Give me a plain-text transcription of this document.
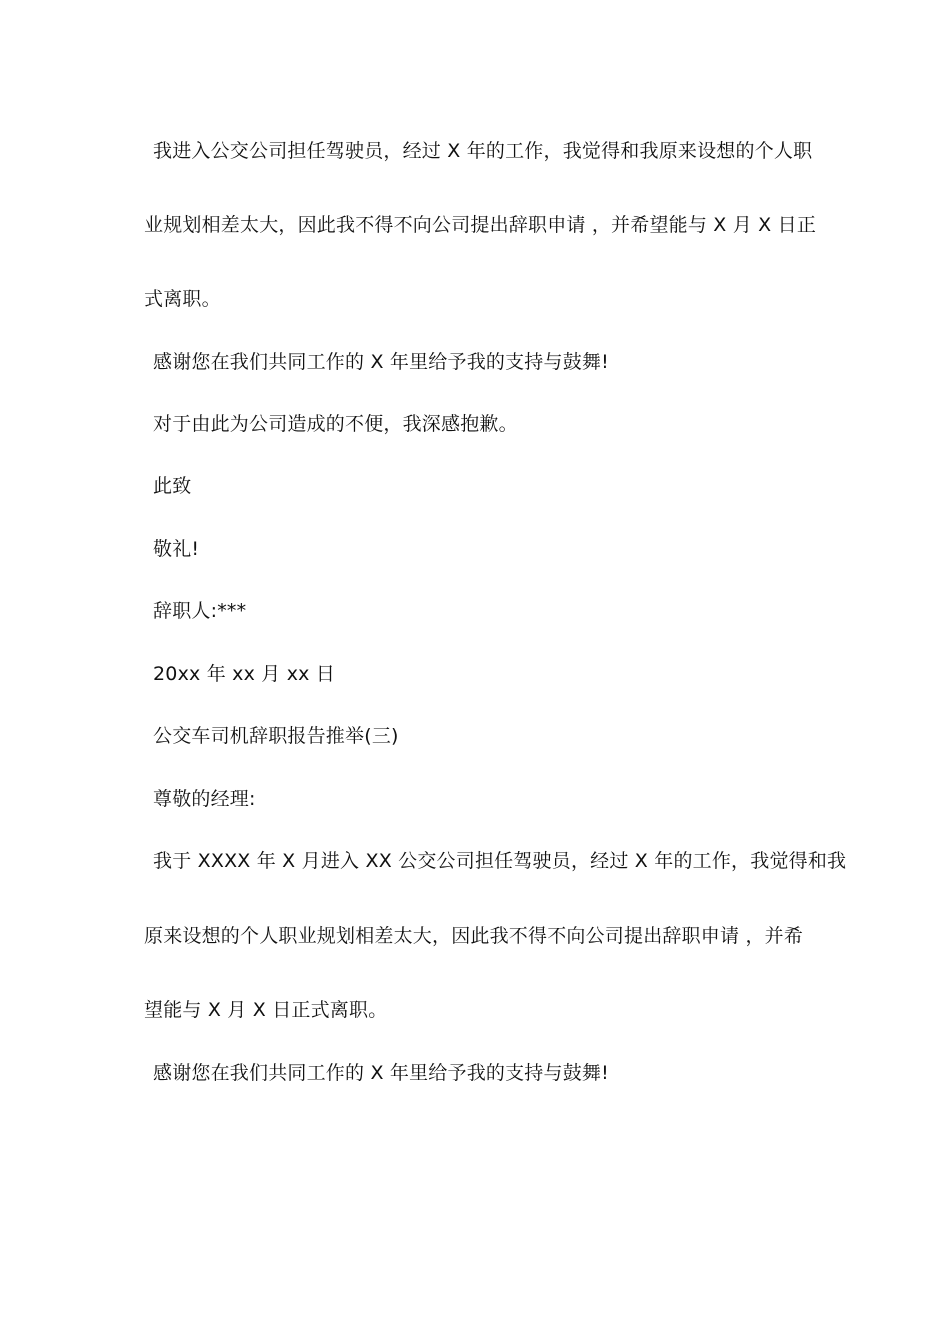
我进入公交公司担任驾驶员，经过 X 年的工作，我觉得和我原来设想的个人职
业规划相差太大，因此我不得不向公司提出辞职申请 ，并希望能与 X 月 X 日正
式离职。
感谢您在我们共同工作的 X 年里给予我的支持与鼓舞!
对于由此为公司造成的不便，我深感抱歉。
此致
敬礼!
辞职人:***
20xx 年 xx 月 xx 日
公交车司机辞职报告推举(三)
尊敬的经理:
我于 XXXX 年 X 月进入 XX 公交公司担任驾驶员，经过 X 年的工作，我觉得和我
原来设想的个人职业规划相差太大，因此我不得不向公司提出辞职申请 ，并希
望能与 X 月 X 日正式离职。
感谢您在我们共同工作的 X 年里给予我的支持与鼓舞!
